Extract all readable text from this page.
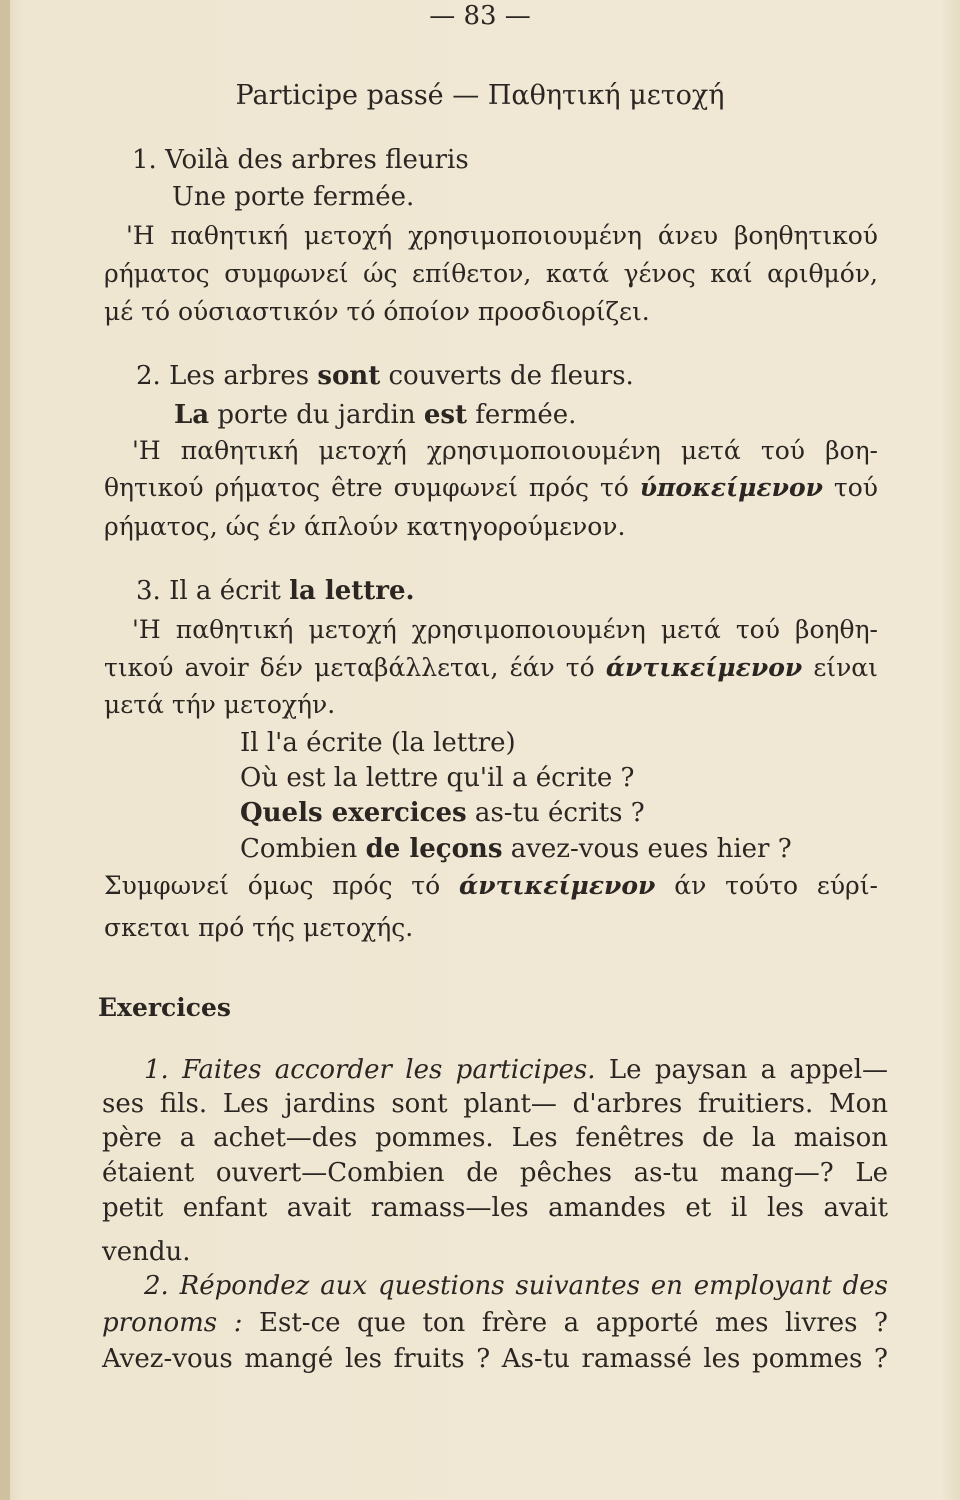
— 83 —
Participe passé — Παθητική μετοχή
1. Voilà des arbres fleuris
Une porte fermée.
'Η παθητική μετοχή χρησιμοποιουμένη άνευ βοηθητικού
ρήματος συμφωνεί ώς επίθετον, κατά γένος καί αριθμόν,
μέ τό ούσιαστικόν τό όποίον προσδιορίζει.
2. Les arbres sont couverts de fleurs.
La porte du jardin est fermée.
'Η παθητική μετοχή χρησιμοποιουμένη μετά τού βοη-
θητικού ρήματος être συμφωνεί πρός τό ύποκείμενον τού
ρήματος, ώς έν άπλούν κατηγορούμενον.
3. Il a écrit la lettre.
'Η παθητική μετοχή χρησιμοποιουμένη μετά τού βοηθη-
τικού avoir δέν μεταβάλλεται, έάν τό άντικείμενον είναι
μετά τήν μετοχήν.
Il l'a écrite (la lettre)
Où est la lettre qu'il a écrite ?
Quels exercices as-tu écrits ?
Combien de leçons avez-vous eues hier ?
Συμφωνεί όμως πρός τό άντικείμενον άν τούτο εύρί-
σκεται πρό τής μετοχής.
Exercices
1. Faites accorder les participes. Le paysan a appel—
ses fils. Les jardins sont plant— d'arbres fruitiers. Mon
père a achet—des pommes. Les fenêtres de la maison
étaient ouvert—Combien de pêches as-tu mang—? Le
petit enfant avait ramass—les amandes et il les avait
vendu.
2. Répondez aux questions suivantes en employant des
pronoms : Est-ce que ton frère a apporté mes livres ?
Avez-vous mangé les fruits ? As-tu ramassé les pommes ?
